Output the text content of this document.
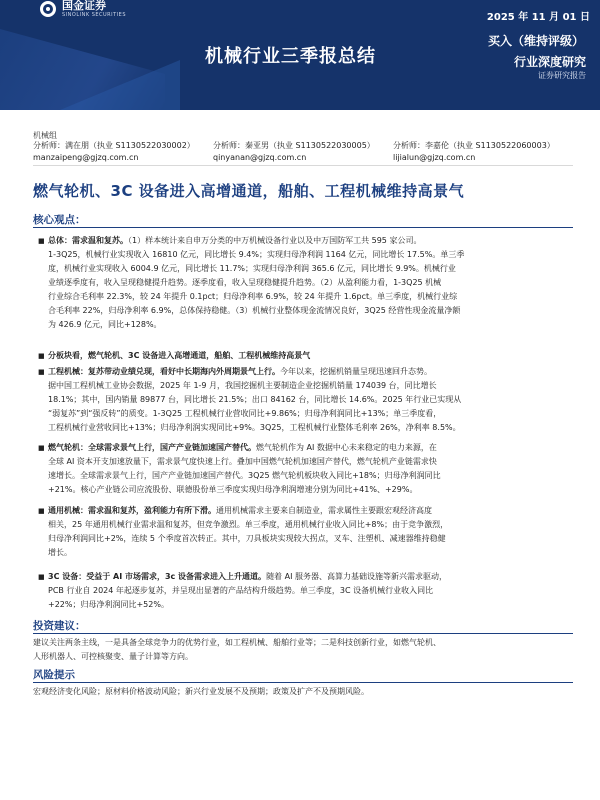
国金证券
SINOLINK SECURITIES	2025 年 11 月 01 日
机械行业三季报总结
买入（维持评级）
行业深度研究
证券研究报告
机械组
分析师：满在朋（执业 S1130522030002）
manzaipeng@gjzq.com.cn
分析师：秦亚男（执业 S1130522030005）
qinyanan@gjzq.com.cn
分析师：李嘉伦（执业 S1130522060003）
lijialun@gjzq.com.cn
燃气轮机、3C 设备进入高增通道，船舶、工程机械维持高景气
核心观点：
■ 总体：需求温和复苏。（1）样本统计来自申万分类的中万机械设备行业以及中万国防军工共 595 家公司。
1-3Q25，机械行业实现收入 16810 亿元，同比增长 9.4%；实现归母净利润 1164 亿元，同比增长 17.5%。单三季
度，机械行业实现收入 6004.9 亿元，同比增长 11.7%；实现归母净利润 365.6 亿元，同比增长 9.9%。机械行业
业绩逐季度有，收入呈现稳健提升趋势。逐季度看，收入呈现稳健提升趋势。（2）从盈利能力看，1-3Q25 机械
行业综合毛利率 22.3%，较 24 年提升 0.1pct；归母净利率 6.9%，较 24 年提升 1.6pct。单三季度，机械行业综
合毛利率 22%，归母净利率 6.9%，总体保持稳健。（3）机械行业整体现金流情况良好，3Q25 经营性现金流量净额
为 426.9 亿元，同比+128%。
■ 分板块看，燃气轮机、3C 设备进入高增通道，船舶、工程机械维持高景气
■ 工程机械：复苏带动业绩兑现，看好中长期海内外周期景气上行。今年以来，挖掘机销量呈现迅速回升态势。
据中国工程机械工业协会数据，2025 年 1-9 月，我国挖掘机主要制造企业挖掘机销量 174039 台，同比增长
18.1%；其中，国内销量 89877 台，同比增长 21.5%；出口 84162 台，同比增长 14.6%。2025 年行业已实现从
“弱复苏”到“强反转”的质变。1-3Q25 工程机械行业营收同比+9.86%；归母净利润同比+13%；单三季度看，
工程机械行业营收同比+13%；归母净利润实现同比+9%。3Q25，工程机械行业整体毛利率 26%，净利率 8.5%。
■ 燃气轮机：全球需求景气上行，国产产业链加速国产替代。燃气轮机作为 AI 数据中心未来稳定的电力来源，在
全球 AI 资本开支加速放量下，需求景气度快速上行。叠加中国燃气轮机加速国产替代，燃气轮机产业链需求快
速增长。全球需求景气上行，国产产业链加速国产替代。3Q25 燃气轮机板块收入同比+18%；归母净利润同比
+21%。核心产业链公司应流股份、联德股份单三季度实现归母净利润增速分别为同比+41%、+29%。
■ 通用机械：需求温和复苏，盈利能力有所下滑。通用机械需求主要来自制造业，需求属性主要跟宏观经济高度
相关，25 年通用机械行业需求温和复苏，但竞争激烈。单三季度，通用机械行业收入同比+8%；由于竞争激烈，
归母净利润同比+2%，连续 5 个季度首次转正。其中，刀具板块实现较大拐点，叉车、注塑机、减速器维持稳健
增长。
■ 3C 设备：受益于 AI 市场需求，3c 设备需求进入上升通道。随着 AI 服务器、高算力基础设施等新兴需求驱动，
PCB 行业自 2024 年起逐步复苏，并呈现出显著的产品结构升级趋势。单三季度，3C 设备机械行业收入同比
+22%；归母净利润同比+52%。
投资建议：
建议关注两条主线，一是具备全球竞争力的优势行业，如工程机械、船舶行业等；二是科技创新行业，如燃气轮机、
人形机器人、可控核聚变、量子计算等方向。
风险提示
宏观经济变化风险；原材料价格波动风险；新兴行业发展不及预期；政策及扩产不及预期风险。
